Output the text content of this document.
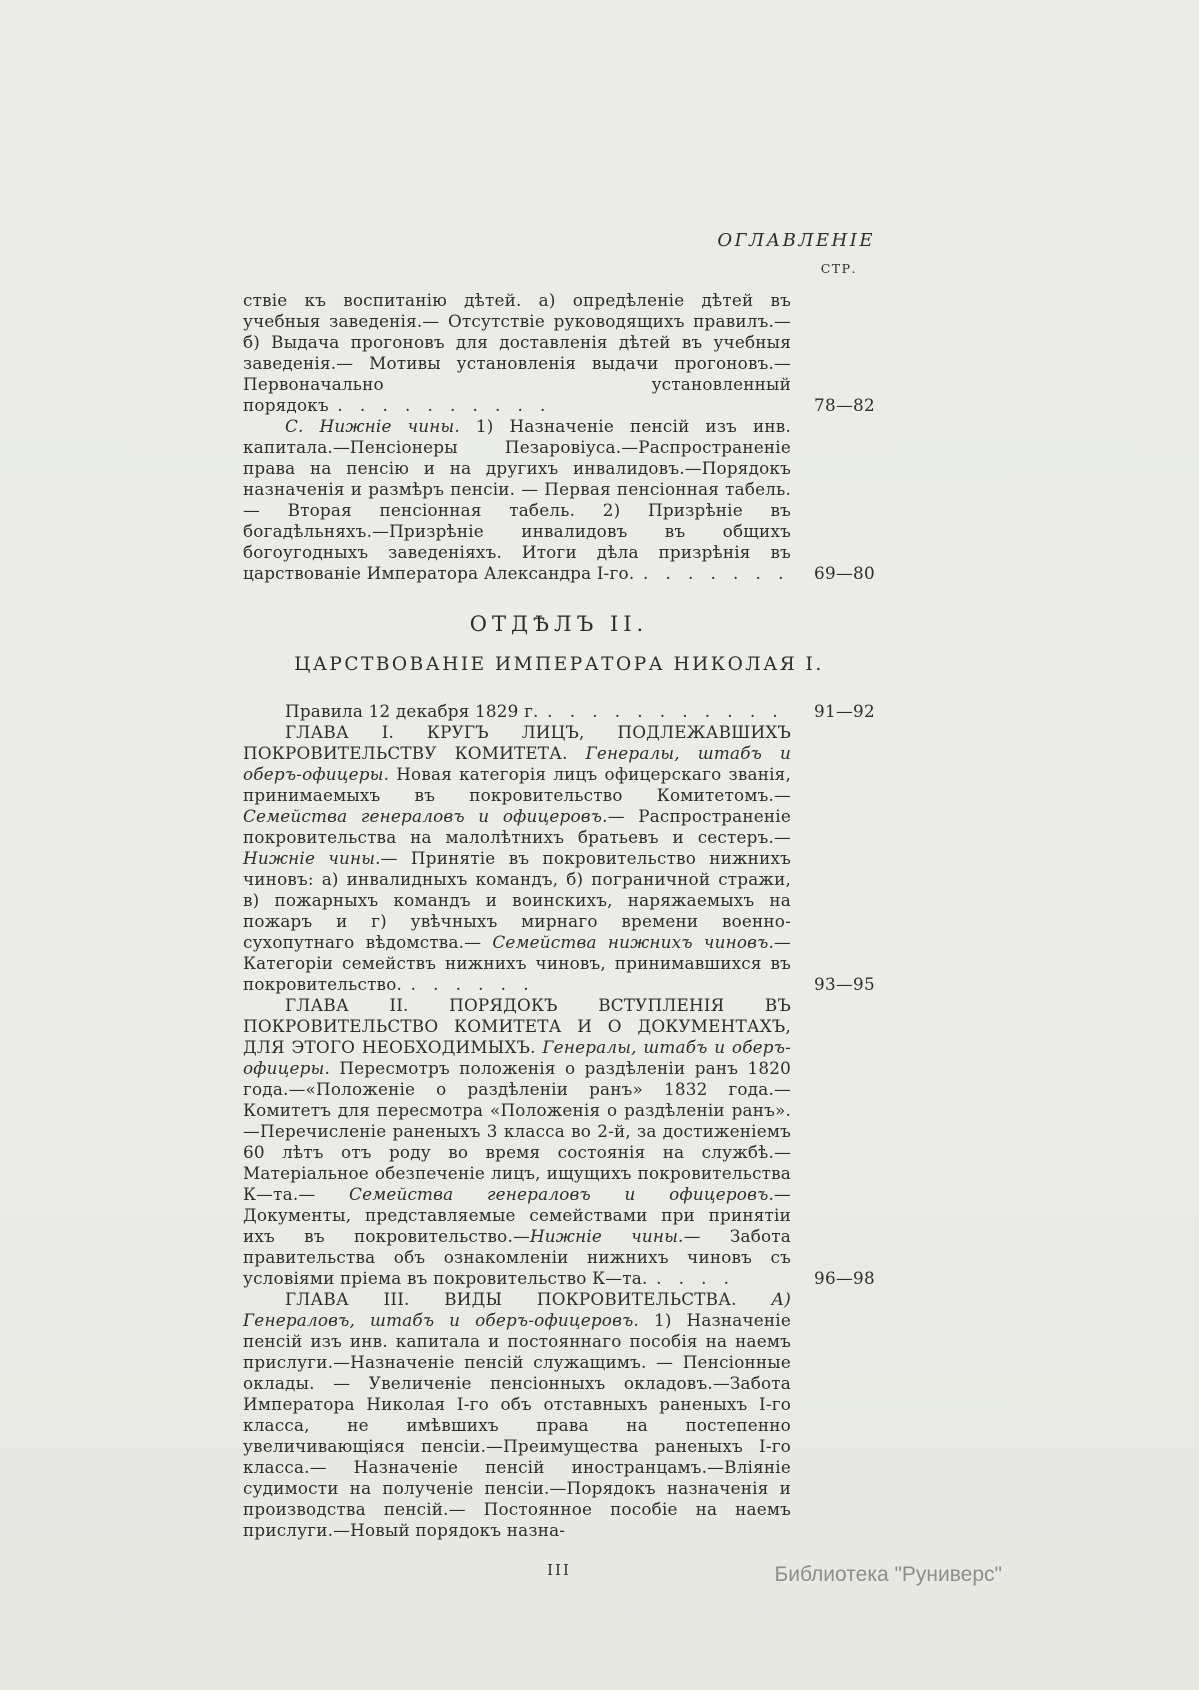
ОГЛАВЛЕНІЕ
СТР.
ствіе къ воспитанію дѣтей. а) опредѣленіе дѣтей въ учебныя заведенія.— Отсутствіе руководящихъ правилъ.— б) Выдача прогоновъ для доставленія дѣтей въ учебныя заведенія.— Мотивы установленія выдачи прогоновъ.—Первоначально установленный порядокъ . . . . . . . . . .	78—82
С. Нижніе чины. 1) Назначеніе пенсій изъ инв. капитала.—Пенсіонеры Пезаровіуса.—Распространеніе права на пенсію и на другихъ инвалидовъ.—Порядокъ назначенія и размѣръ пенсіи. — Первая пенсіонная табель. — Вторая пенсіонная табель. 2) Призрѣніе въ богадѣльняхъ.—Призрѣніе инвалидовъ въ общихъ богоугодныхъ заведеніяхъ. Итоги дѣла призрѣнія въ царствованіе Императора Александра I-го. . . . . . . .	69—80
ОТДѢЛЪ II.
ЦАРСТВОВАНІЕ ИМПЕРАТОРА НИКОЛАЯ I.
Правила 12 декабря 1829 г. . . . . . . . . . . .	91—92
ГЛАВА I. КРУГЪ ЛИЦЪ, ПОДЛЕЖАВШИХЪ ПОКРОВИТЕЛЬСТВУ КОМИТЕТА. Генералы, штабъ и оберъ-офицеры. Новая категорія лицъ офицерскаго званія, принимаемыхъ въ покровительство Комитетомъ.—Семейства генераловъ и офицеровъ.— Распространеніе покровительства на малолѣтнихъ братьевъ и сестеръ.—Нижніе чины.— Принятіе въ покровительство нижнихъ чиновъ: а) инвалидныхъ командъ, б) пограничной стражи, в) пожарныхъ командъ и воинскихъ, наряжаемыхъ на пожаръ и г) увѣчныхъ мирнаго времени военно-сухопутнаго вѣдомства.— Семейства нижнихъ чиновъ.—Категоріи семействъ нижнихъ чиновъ, принимавшихся въ покровительство. . . . . . .	93—95
ГЛАВА II. ПОРЯДОКЪ ВСТУПЛЕНІЯ ВЪ ПОКРОВИТЕЛЬСТВО КОМИТЕТА И О ДОКУМЕНТАХЪ, ДЛЯ ЭТОГО НЕОБХОДИМЫХЪ. Генералы, штабъ и оберъ-офицеры. Пересмотръ положенія о раздѣленіи ранъ 1820 года.—«Положеніе о раздѣленіи ранъ» 1832 года.—Комитетъ для пересмотра «Положенія о раздѣленіи ранъ».—Перечисленіе раненыхъ 3 класса во 2-й, за достиженіемъ 60 лѣтъ отъ роду во время состоянія на службѣ.—Матеріальное обезпеченіе лицъ, ищущихъ покровительства К—та.— Семейства генераловъ и офицеровъ.— Документы, представляемые семействами при принятіи ихъ въ покровительство.—Нижніе чины.— Забота правительства объ ознакомленіи нижнихъ чиновъ съ условіями пріема въ покровительство К—та. . . . .	96—98
ГЛАВА III. ВИДЫ ПОКРОВИТЕЛЬСТВА. А) Генераловъ, штабъ и оберъ-офицеровъ. 1) Назначеніе пенсій изъ инв. капитала и постояннаго пособія на наемъ прислуги.—Назначеніе пенсій служащимъ. — Пенсіонные оклады. — Увеличеніе пенсіонныхъ окладовъ.—Забота Императора Николая I-го объ отставныхъ раненыхъ I-го класса, не имѣвшихъ права на постепенно увеличивающіяся пенсіи.—Преимущества раненыхъ I-го класса.— Назначеніе пенсій иностранцамъ.—Вліяніе судимости на полученіе пенсіи.—Порядокъ назначенія и производства пенсій.— Постоянное пособіе на наемъ прислуги.—Новый порядокъ назна-
III	Библиотека "Руниверс"
